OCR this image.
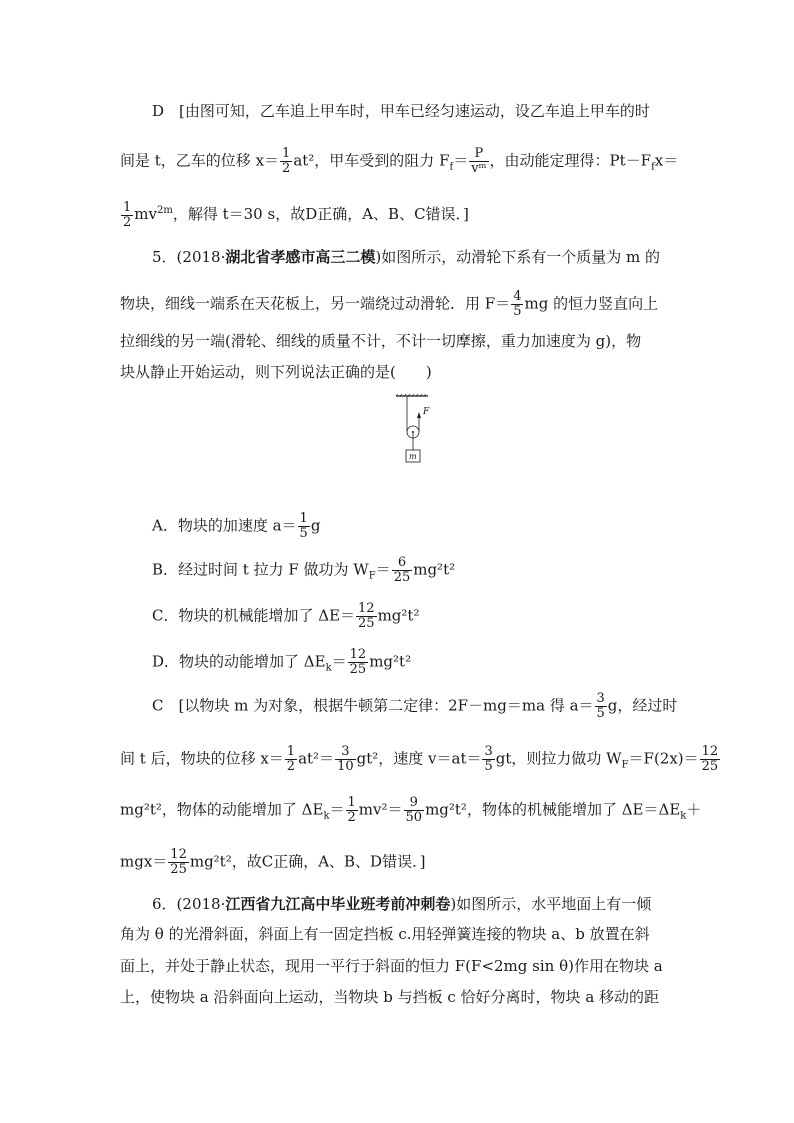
D　[由图可知，乙车追上甲车时，甲车已经匀速运动，设乙车追上甲车的时
间是 t，乙车的位移 $x= \frac{1}{2} at^2$，甲车受到的阻力 $F_f= \frac{P}{\text{vᵐ}}$ ，由动能定理得：$Pt-F_fx=$
$\frac{1}{2} mv^{2m}$，解得 t＝30 s，故D正确，A、B、C错误．]
5．(2018·湖北省孝感市高三二模)如图所示，动滑轮下系有一个质量为 m 的
物块，细线一端系在天花板上，另一端绕过动滑轮．用 $F= \frac{4}{5}$ mg 的恒力竖直向上
拉细线的另一端(滑轮、细线的质量不计，不计一切摩擦，重力加速度为 g)，物
块从静止开始运动，则下列说法正确的是(　　)
F
m
A．物块的加速度 $a= \frac{1}{5}$ g
B．经过时间 t 拉力 F 做功为 $W_F= \frac{6}{25} mg^2t^2$
C．物块的机械能增加了 $\Delta E= \frac{12}{25} mg^2t^2$
D．物块的动能增加了 $\Delta E_k= \frac{12}{25} mg^2t^2$
C　[以物块 m 为对象，根据牛顿第二定律：2F－mg＝ma 得 $a= \frac{3}{5}$ g，经过时
间 t 后，物块的位移 $x= \frac{1}{2} at^2= \frac{3}{10} gt^2$，速度 $v=at= \frac{3}{5}$ gt，则拉力做功 $W_F=F(2x)= \frac{12}{25}$
mg²t²，物体的动能增加了 $\Delta E_k= \frac{1}{2} mv^2= \frac{9}{50} mg^2t^2$，物体的机械能增加了 $\Delta E=\Delta E_k+$
$mgx= \frac{12}{25} mg^2t^2$，故C正确，A、B、D错误．]
6．(2018·江西省九江高中毕业班考前冲刺卷)如图所示，水平地面上有一倾
角为 θ 的光滑斜面，斜面上有一固定挡板 c.用轻弹簧连接的物块 a、b 放置在斜
面上，并处于静止状态，现用一平行于斜面的恒力 F(F<2mg sin θ)作用在物块 a
上，使物块 a 沿斜面向上运动，当物块 b 与挡板 c 恰好分离时，物块 a 移动的距
